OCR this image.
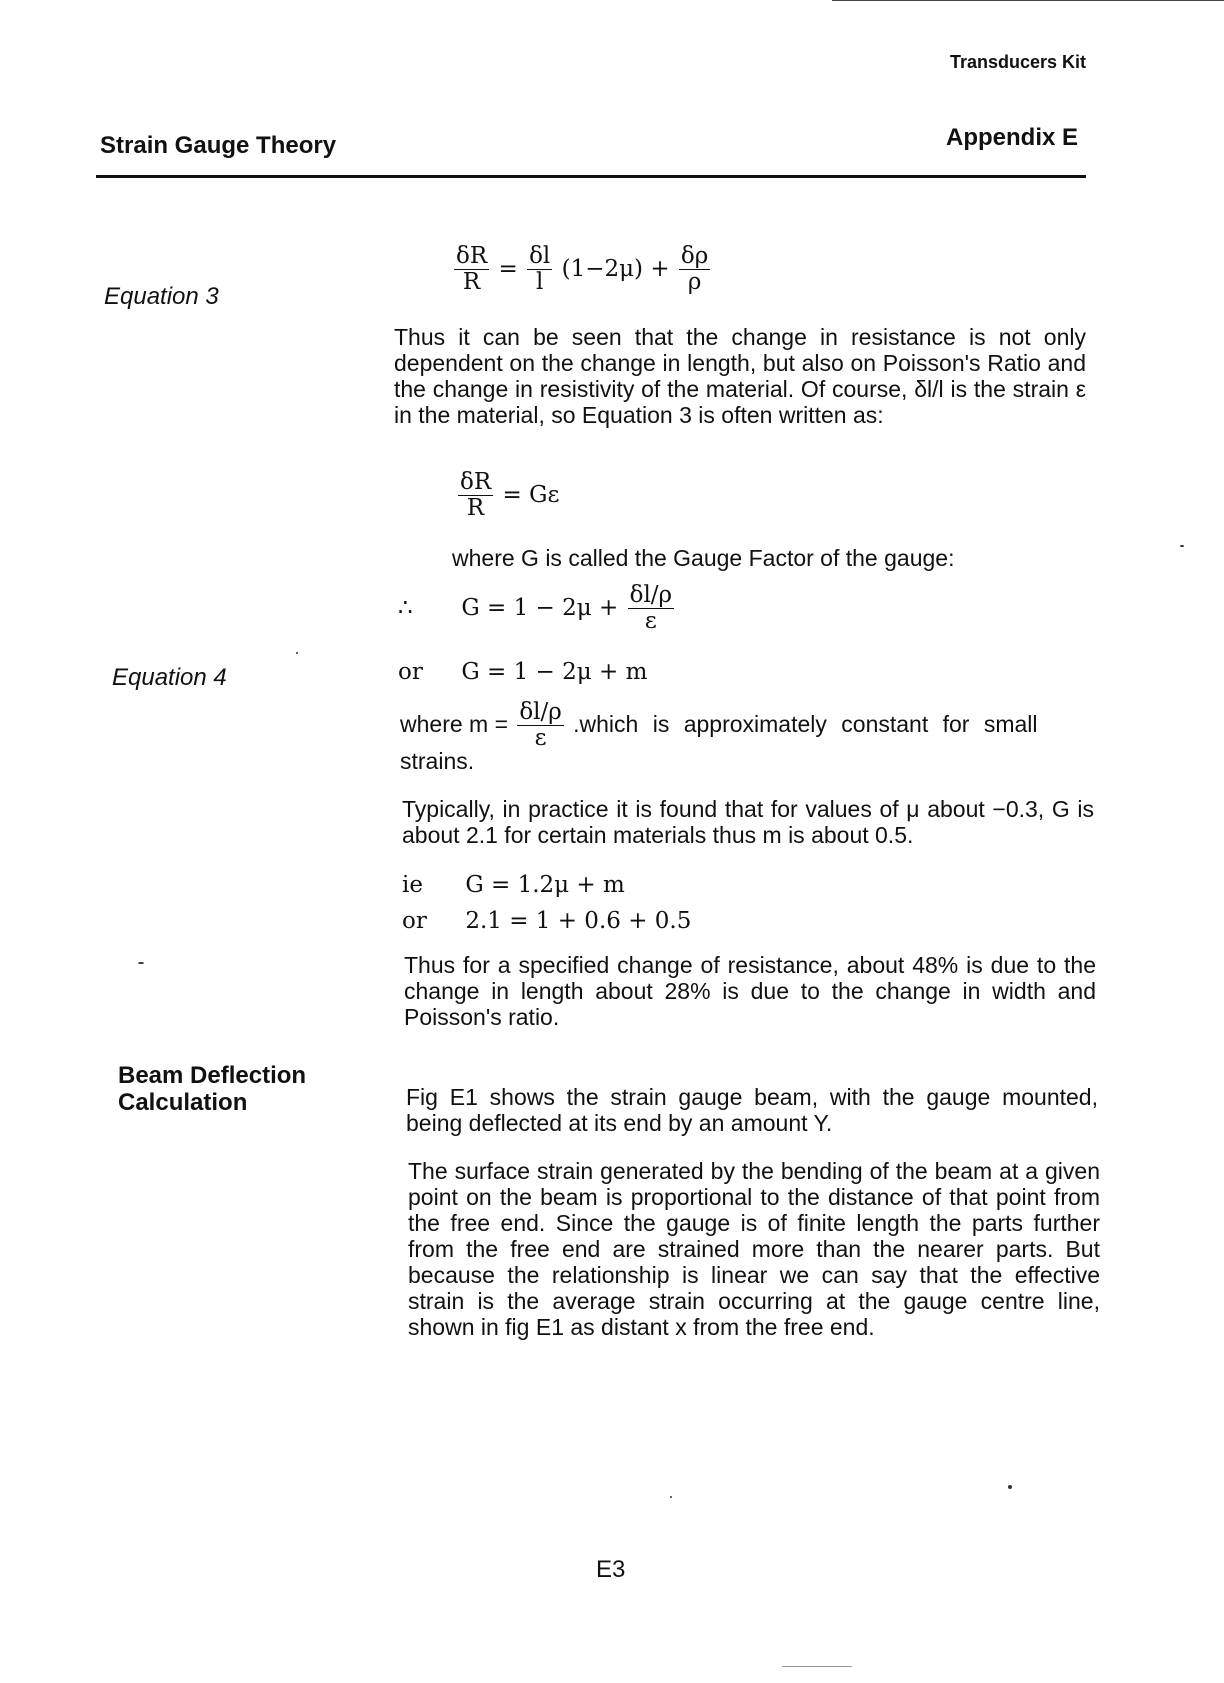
Transducers Kit
Strain Gauge Theory	Appendix E
Equation 3
Equation 4
Beam Deflection
Calculation
$\frac{\delta R}{R} = \frac{\delta l}{l} (1-2\mu) + \frac{\delta\rho}{\rho}$
Thus it can be seen that the change in resistance is not only dependent on the change in length, but also on Poisson's Ratio and the change in resistivity of the material. Of course, δl/l is the strain ε in the material, so Equation 3 is often written as:
$\frac{\delta R}{R} = G\varepsilon$
where G is called the Gauge Factor of the gauge:
∴ $G = 1 - 2\mu + \frac{\delta l/\rho}{\varepsilon}$
or G = 1 − 2μ + m
where $m = \frac{\delta l/\rho}{\varepsilon}$ .which is approximately constant for small
strains.
Typically, in practice it is found that for values of μ about −0.3, G is about 2.1 for certain materials thus m is about 0.5.
ie G = 1.2μ + m
or 2.1 = 1 + 0.6 + 0.5
Thus for a specified change of resistance, about 48% is due to the change in length about 28% is due to the change in width and Poisson's ratio.
Fig E1 shows the strain gauge beam, with the gauge mounted, being deflected at its end by an amount Y.
The surface strain generated by the bending of the beam at a given point on the beam is proportional to the distance of that point from the free end. Since the gauge is of finite length the parts further from the free end are strained more than the nearer parts. But because the relationship is linear we can say that the effective strain is the average strain occurring at the gauge centre line, shown in fig E1 as distant x from the free end.
E3
